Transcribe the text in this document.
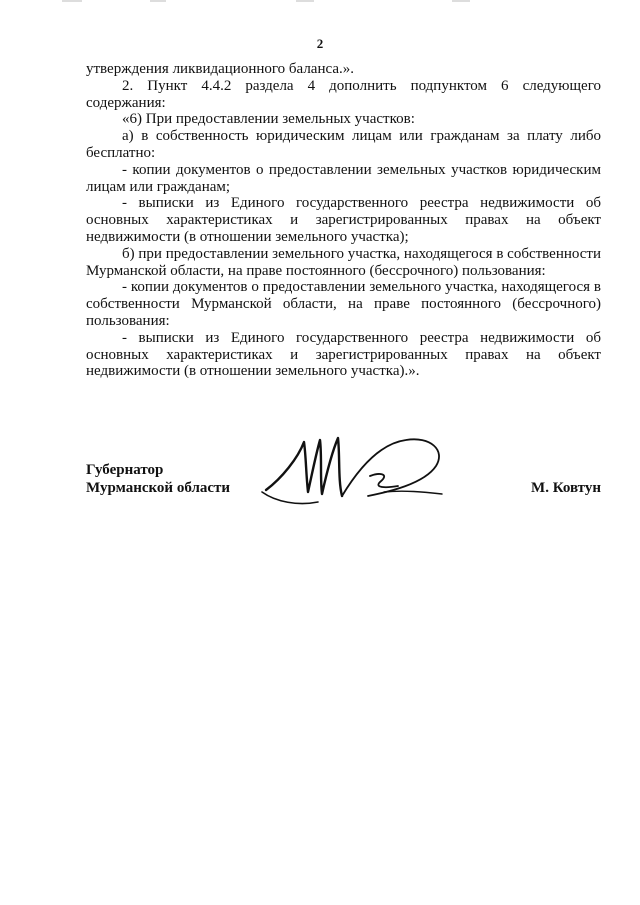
2

утверждения ликвидационного баланса.».

2. Пункт 4.4.2 раздела 4 дополнить подпунктом 6 следующего содержания:

«6) При предоставлении земельных участков:

а) в собственность юридическим лицам или гражданам за плату либо бесплатно:

- копии документов о предоставлении земельных участков юридическим лицам или гражданам;

- выписки из Единого государственного реестра недвижимости об основных характеристиках и зарегистрированных правах на объект недвижимости (в отношении земельного участка);

б) при предоставлении земельного участка, находящегося в собственности Мурманской области, на праве постоянного (бессрочного) пользования:

- копии документов о предоставлении земельного участка, находящегося в собственности Мурманской области, на праве постоянного (бессрочного) пользования:

- выписки из Единого государственного реестра недвижимости об основных характеристиках и зарегистрированных правах на объект недвижимости (в отношении земельного участка).».

Губернатор
Мурманской области	М. Ковтун
